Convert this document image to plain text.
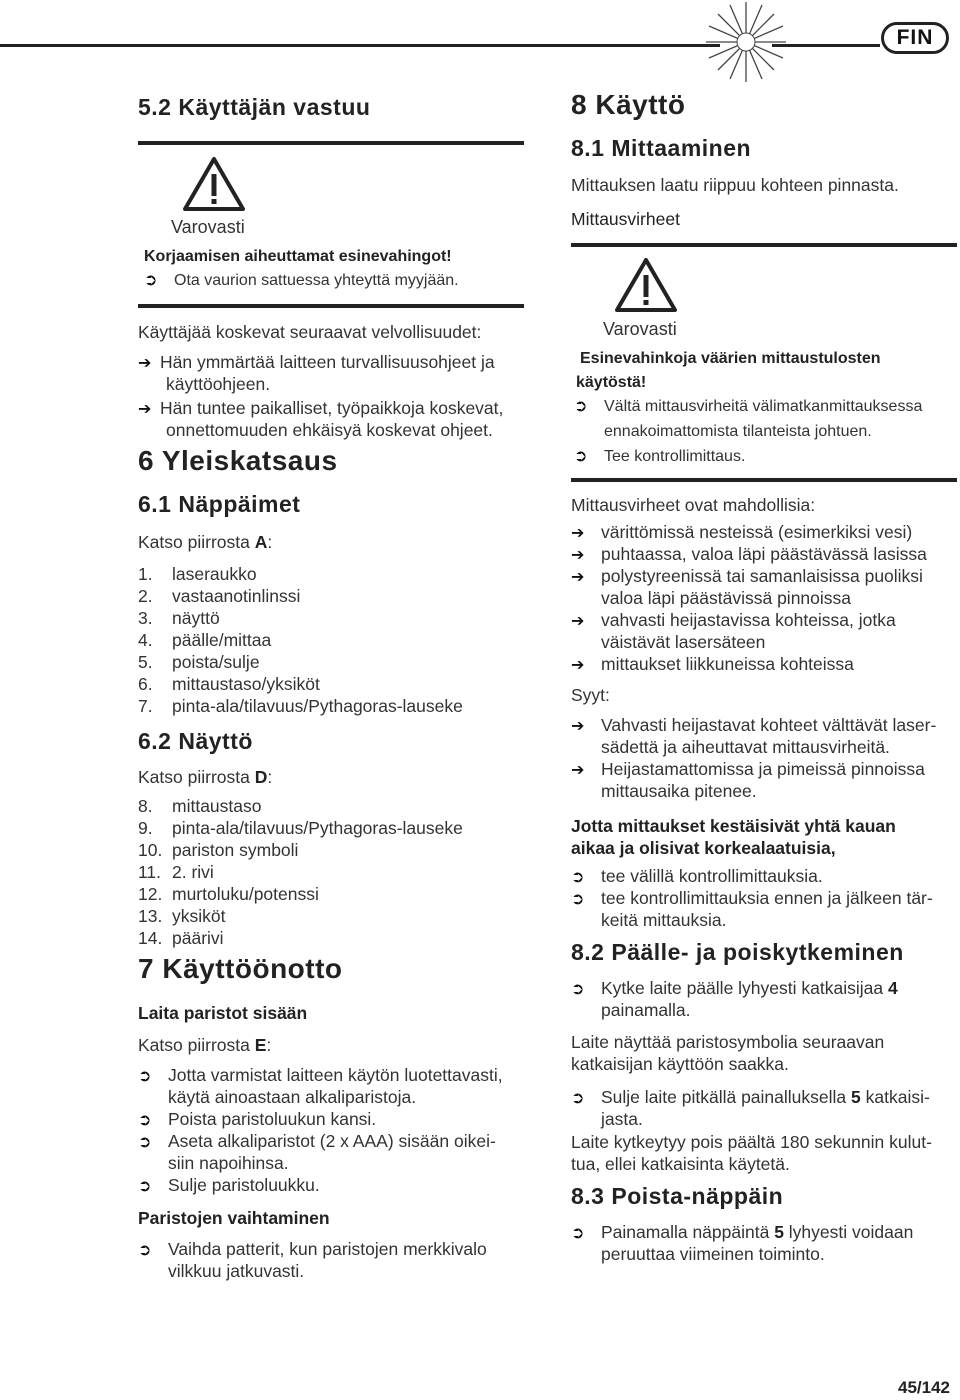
FIN
5.2 Käyttäjän vastuu
Varovasti
Korjaamisen aiheuttamat esinevahingot!
➲ Ota vaurion sattuessa yhteyttä myyjään.
Käyttäjää koskevat seuraavat velvollisuudet:
➔ Hän ymmärtää laitteen turvallisuusohjeet ja
käyttöohjeen.
➔ Hän tuntee paikalliset, työpaikkoja koskevat,
onnettomuuden ehkäisyä koskevat ohjeet.
6 Yleiskatsaus
6.1 Näppäimet
Katso piirrosta A:
1. laseraukko
2. vastaanotinlinssi
3. näyttö
4. päälle/mittaa
5. poista/sulje
6. mittaustaso/yksiköt
7. pinta-ala/tilavuus/Pythagoras-lauseke
6.2 Näyttö
Katso piirrosta D:
8. mittaustaso
9. pinta-ala/tilavuus/Pythagoras-lauseke
10. pariston symboli
11. 2. rivi
12. murtoluku/potenssi
13. yksiköt
14. päärivi
7 Käyttöönotto
Laita paristot sisään
Katso piirrosta E:
➲ Jotta varmistat laitteen käytön luotettavasti,
käytä ainoastaan alkaliparistoja.
➲ Poista paristoluukun kansi.
➲ Aseta alkaliparistot (2 x AAA) sisään oikei-
siin napoihinsa.
➲ Sulje paristoluukku.
Paristojen vaihtaminen
➲ Vaihda patterit, kun paristojen merkkivalo
vilkkuu jatkuvasti.
8 Käyttö
8.1 Mittaaminen
Mittauksen laatu riippuu kohteen pinnasta.
Mittausvirheet
Varovasti
Esinevahinkoja väärien mittaustulosten
käytöstä!
➲ Vältä mittausvirheitä välimatkanmittauksessa
ennakoimattomista tilanteista johtuen.
➲ Tee kontrollimittaus.
Mittausvirheet ovat mahdollisia:
➔ värittömissä nesteissä (esimerkiksi vesi)
➔ puhtaassa, valoa läpi päästävässä lasissa
➔ polystyreenissä tai samanlaisissa puoliksi
valoa läpi päästävissä pinnoissa
➔ vahvasti heijastavissa kohteissa, jotka
väistävät lasersäteen
➔ mittaukset liikkuneissa kohteissa
Syyt:
➔ Vahvasti heijastavat kohteet välttävät laser-
sädettä ja aiheuttavat mittausvirheitä.
➔ Heijastamattomissa ja pimeissä pinnoissa
mittausaika pitenee.
Jotta mittaukset kestäisivät yhtä kauan
aikaa ja olisivat korkealaatuisia,
➲ tee välillä kontrollimittauksia.
➲ tee kontrollimittauksia ennen ja jälkeen tär-
keitä mittauksia.
8.2 Päälle- ja poiskytkeminen
➲ Kytke laite päälle lyhyesti katkaisijaa 4
painamalla.
Laite näyttää paristosymbolia seuraavan
katkaisijan käyttöön saakka.
➲ Sulje laite pitkällä painalluksella 5 katkaisi-
jasta.
Laite kytkeytyy pois päältä 180 sekunnin kulut-
tua, ellei katkaisinta käytetä.
8.3 Poista-näppäin
➲ Painamalla näppäintä 5 lyhyesti voidaan
peruuttaa viimeinen toiminto.
45/142
